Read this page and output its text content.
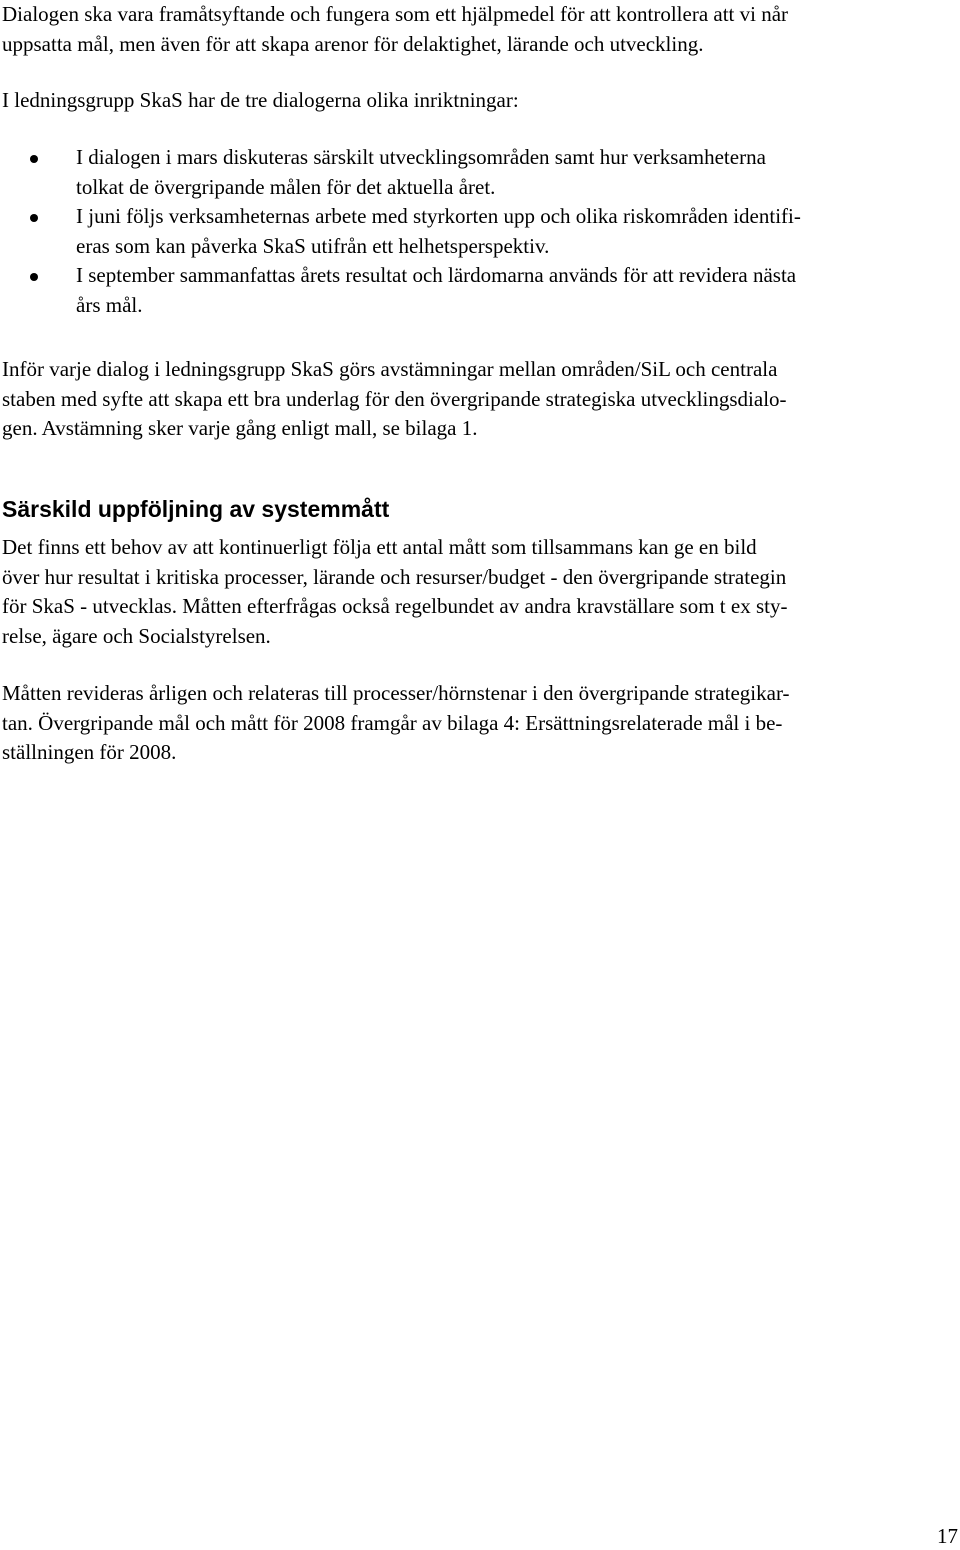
Dialogen ska vara framåtsyftande och fungera som ett hjälpmedel för att kontrollera att vi når
uppsatta mål, men även för att skapa arenor för delaktighet, lärande och utveckling.

I ledningsgrupp SkaS har de tre dialogerna olika inriktningar:

I dialogen i mars diskuteras särskilt utvecklingsområden samt hur verksamheterna
tolkat de övergripande målen för det aktuella året.
I juni följs verksamheternas arbete med styrkorten upp och olika riskområden identifi-
eras som kan påverka SkaS utifrån ett helhetsperspektiv.
I september sammanfattas årets resultat och lärdomarna används för att revidera nästa
års mål.

Inför varje dialog i ledningsgrupp SkaS görs avstämningar mellan områden/SiL och centrala
staben med syfte att skapa ett bra underlag för den övergripande strategiska utvecklingsdialo-
gen. Avstämning sker varje gång enligt mall, se bilaga 1.

Särskild uppföljning av systemmått

Det finns ett behov av att kontinuerligt följa ett antal mått som tillsammans kan ge en bild
över hur resultat i kritiska processer, lärande och resurser/budget - den övergripande strategin
för SkaS - utvecklas. Måtten efterfrågas också regelbundet av andra kravställare som t ex sty-
relse, ägare och Socialstyrelsen.

Måtten revideras årligen och relateras till processer/hörnstenar i den övergripande strategikar-
tan. Övergripande mål och mått för 2008 framgår av bilaga 4: Ersättningsrelaterade mål i be-
ställningen för 2008.

17
